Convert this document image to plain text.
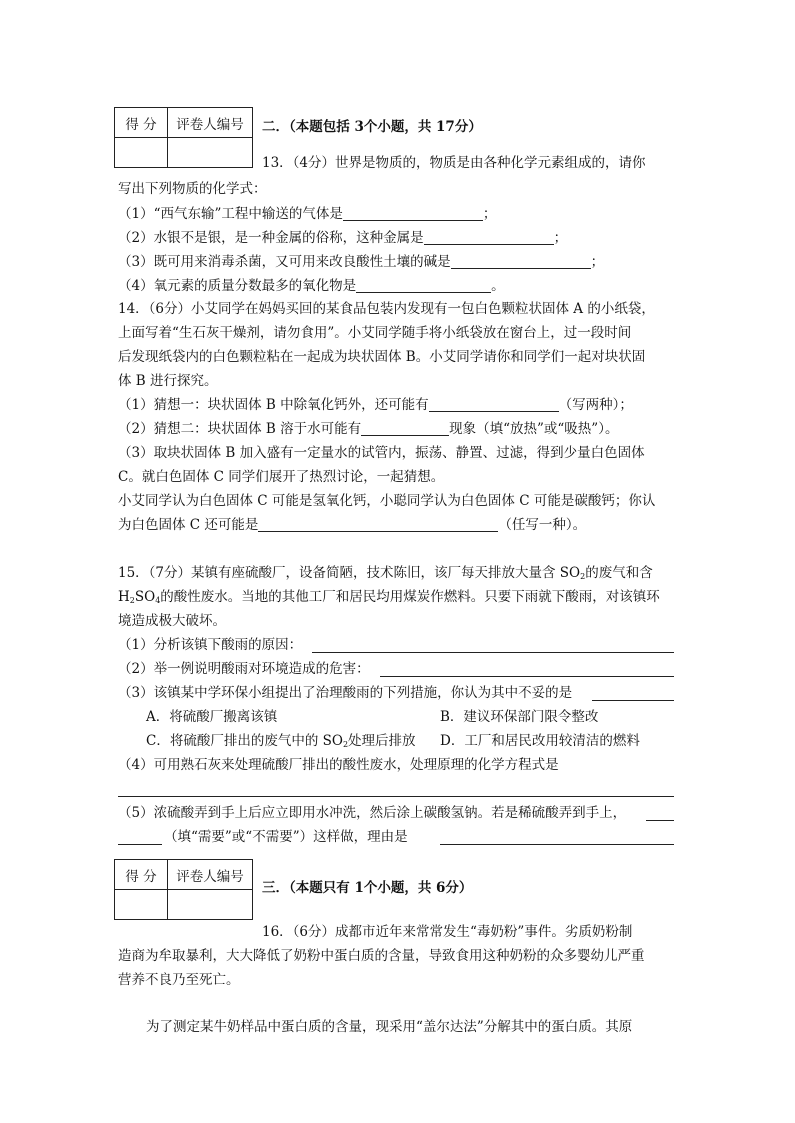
得 分	评卷人编号
	二．（本题包括 3个小题，共 17分）
13．（4分）世界是物质的，物质是由各种化学元素组成的，请你
写出下列物质的化学式：
（1）“西气东输”工程中输送的气体是	；
（2）水银不是银，是一种金属的俗称，这种金属是	；
（3）既可用来消毒杀菌，又可用来改良酸性土壤的碱是	；
（4）氧元素的质量分数最多的氧化物是	。
14．（6分）小艾同学在妈妈买回的某食品包装内发现有一包白色颗粒状固体 A 的小纸袋，
上面写着“生石灰干燥剂，请勿食用”。小艾同学随手将小纸袋放在窗台上，过一段时间
后发现纸袋内的白色颗粒粘在一起成为块状固体 B。小艾同学请你和同学们一起对块状固
体 B 进行探究。
（1）猜想一：块状固体 B 中除氧化钙外，还可能有	（写两种）；
（2）猜想二：块状固体 B 溶于水可能有	现象（填“放热”或“吸热”）。
（3）取块状固体 B 加入盛有一定量水的试管内，振荡、静置、过滤，得到少量白色固体
C。就白色固体 C 同学们展开了热烈讨论，一起猜想。
小艾同学认为白色固体 C 可能是氢氧化钙，小聪同学认为白色固体 C 可能是碳酸钙；你认
为白色固体 C 还可能是	（任写一种）。
15．（7分）某镇有座硫酸厂，设备简陋，技术陈旧，该厂每天排放大量含 $SO_2$的废气和含
$H_2SO_4$的酸性废水。当地的其他工厂和居民均用煤炭作燃料。只要下雨就下酸雨，对该镇环
境造成极大破坏。
（1）分析该镇下酸雨的原因：
（2）举一例说明酸雨对环境造成的危害：
（3）该镇某中学环保小组提出了治理酸雨的下列措施，你认为其中不妥的是
A．将硫酸厂搬离该镇	B．建议环保部门限令整改
C．将硫酸厂排出的废气中的 $SO_2$处理后排放 D．工厂和居民改用较清洁的燃料
（4）可用熟石灰来处理硫酸厂排出的酸性废水，处理原理的化学方程式是
（5）浓硫酸弄到手上后应立即用水冲洗，然后涂上碳酸氢钠。若是稀硫酸弄到手上，
（填“需要”或“不需要”）这样做，理由是
得 分	评卷人编号

三．（本题只有 1个小题，共 6分）
16．（6分）成都市近年来常常发生“毒奶粉”事件。劣质奶粉制
造商为牟取暴利，大大降低了奶粉中蛋白质的含量，导致食用这种奶粉的众多婴幼儿严重
营养不良乃至死亡。
为了测定某牛奶样品中蛋白质的含量，现采用“盖尔达法”分解其中的蛋白质。其原
